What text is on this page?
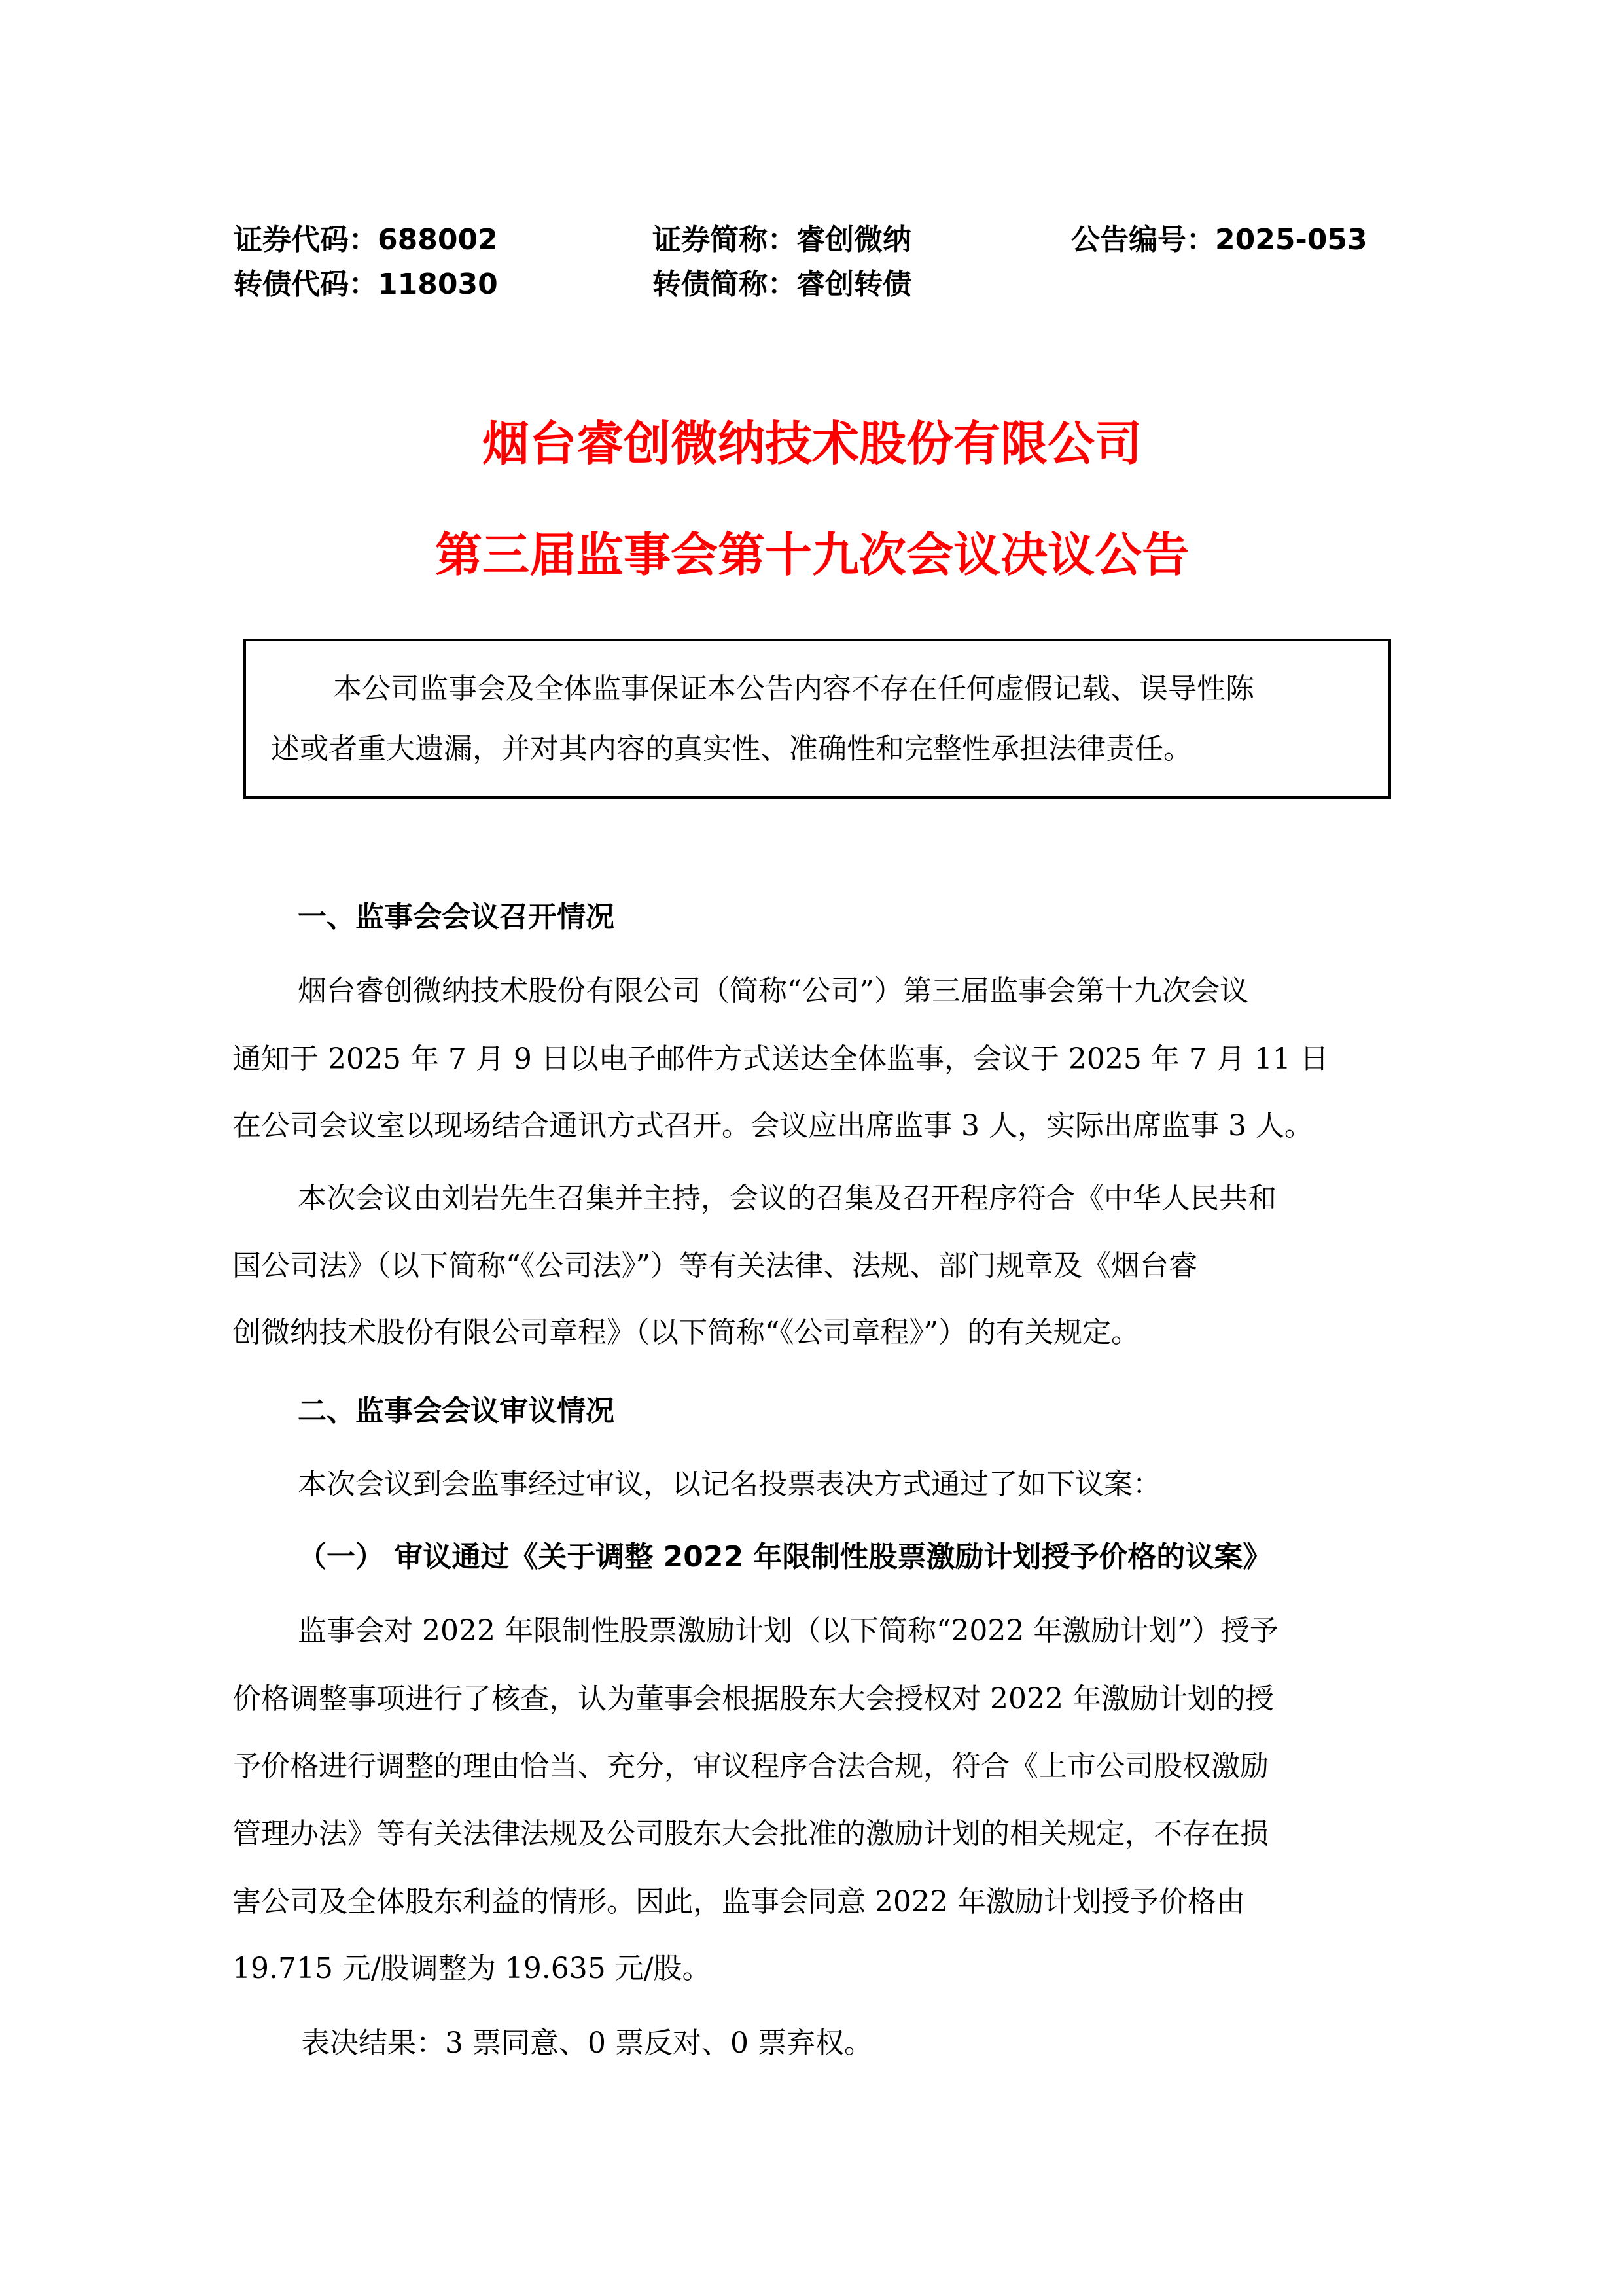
证券代码：688002	证券简称：睿创微纳	公告编号：2025-053
转债代码：118030	转债简称：睿创转债
烟台睿创微纳技术股份有限公司
第三届监事会第十九次会议决议公告

本公司监事会及全体监事保证本公告内容不存在任何虚假记载、误导性陈

述或者重大遗漏，并对其内容的真实性、准确性和完整性承担法律责任。

一、监事会会议召开情况
烟台睿创微纳技术股份有限公司（简称“公司”）第三届监事会第十九次会议
通知于 2025 年 7 月 9 日以电子邮件方式送达全体监事，会议于 2025 年 7 月 11 日
在公司会议室以现场结合通讯方式召开。会议应出席监事 3 人，实际出席监事 3 人。
本次会议由刘岩先生召集并主持，会议的召集及召开程序符合《中华人民共和
国公司法》（以下简称“《公司法》”）等有关法律、法规、部门规章及《烟台睿
创微纳技术股份有限公司章程》（以下简称“《公司章程》”）的有关规定。
二、监事会会议审议情况
本次会议到会监事经过审议，以记名投票表决方式通过了如下议案：
（一） 审议通过《关于调整 2022 年限制性股票激励计划授予价格的议案》
监事会对 2022 年限制性股票激励计划（以下简称“2022 年激励计划”）授予
价格调整事项进行了核查，认为董事会根据股东大会授权对 2022 年激励计划的授
予价格进行调整的理由恰当、充分，审议程序合法合规，符合《上市公司股权激励
管理办法》等有关法律法规及公司股东大会批准的激励计划的相关规定，不存在损
害公司及全体股东利益的情形。因此，监事会同意 2022 年激励计划授予价格由
19.715 元/股调整为 19.635 元/股。
表决结果：3 票同意、0 票反对、0 票弃权。
